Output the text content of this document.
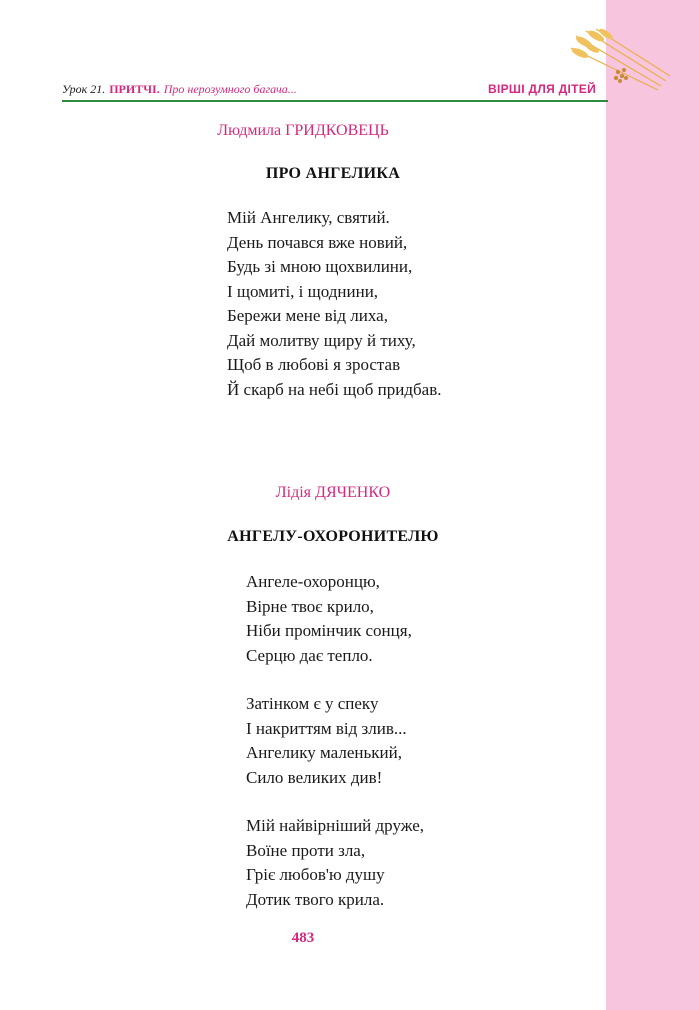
Урок 21. ПРИТЧІ. Про нерозумного багача...	ВІРШІ ДЛЯ ДІТЕЙ
Людмила ГРИДКОВЕЦЬ
ПРО АНГЕЛИКА
Мій Ангелику, святий.
День почався вже новий,
Будь зі мною щохвилини,
І щомиті, і щоднини,
Бережи мене від лиха,
Дай молитву щиру й тиху,
Щоб в любові я зростав
Й скарб на небі щоб придбав.
Лідія ДЯЧЕНКО
АНГЕЛУ-ОХОРОНИТЕЛЮ
Ангеле-охоронцю,
Вірне твоє крило,
Ніби промінчик сонця,
Серцю дає тепло.
Затінком є у спеку
І накриттям від злив...
Ангелику маленький,
Сило великих див!
Мій найвірніший друже,
Воїне проти зла,
Гріє любов'ю душу
Дотик твого крила.
483
